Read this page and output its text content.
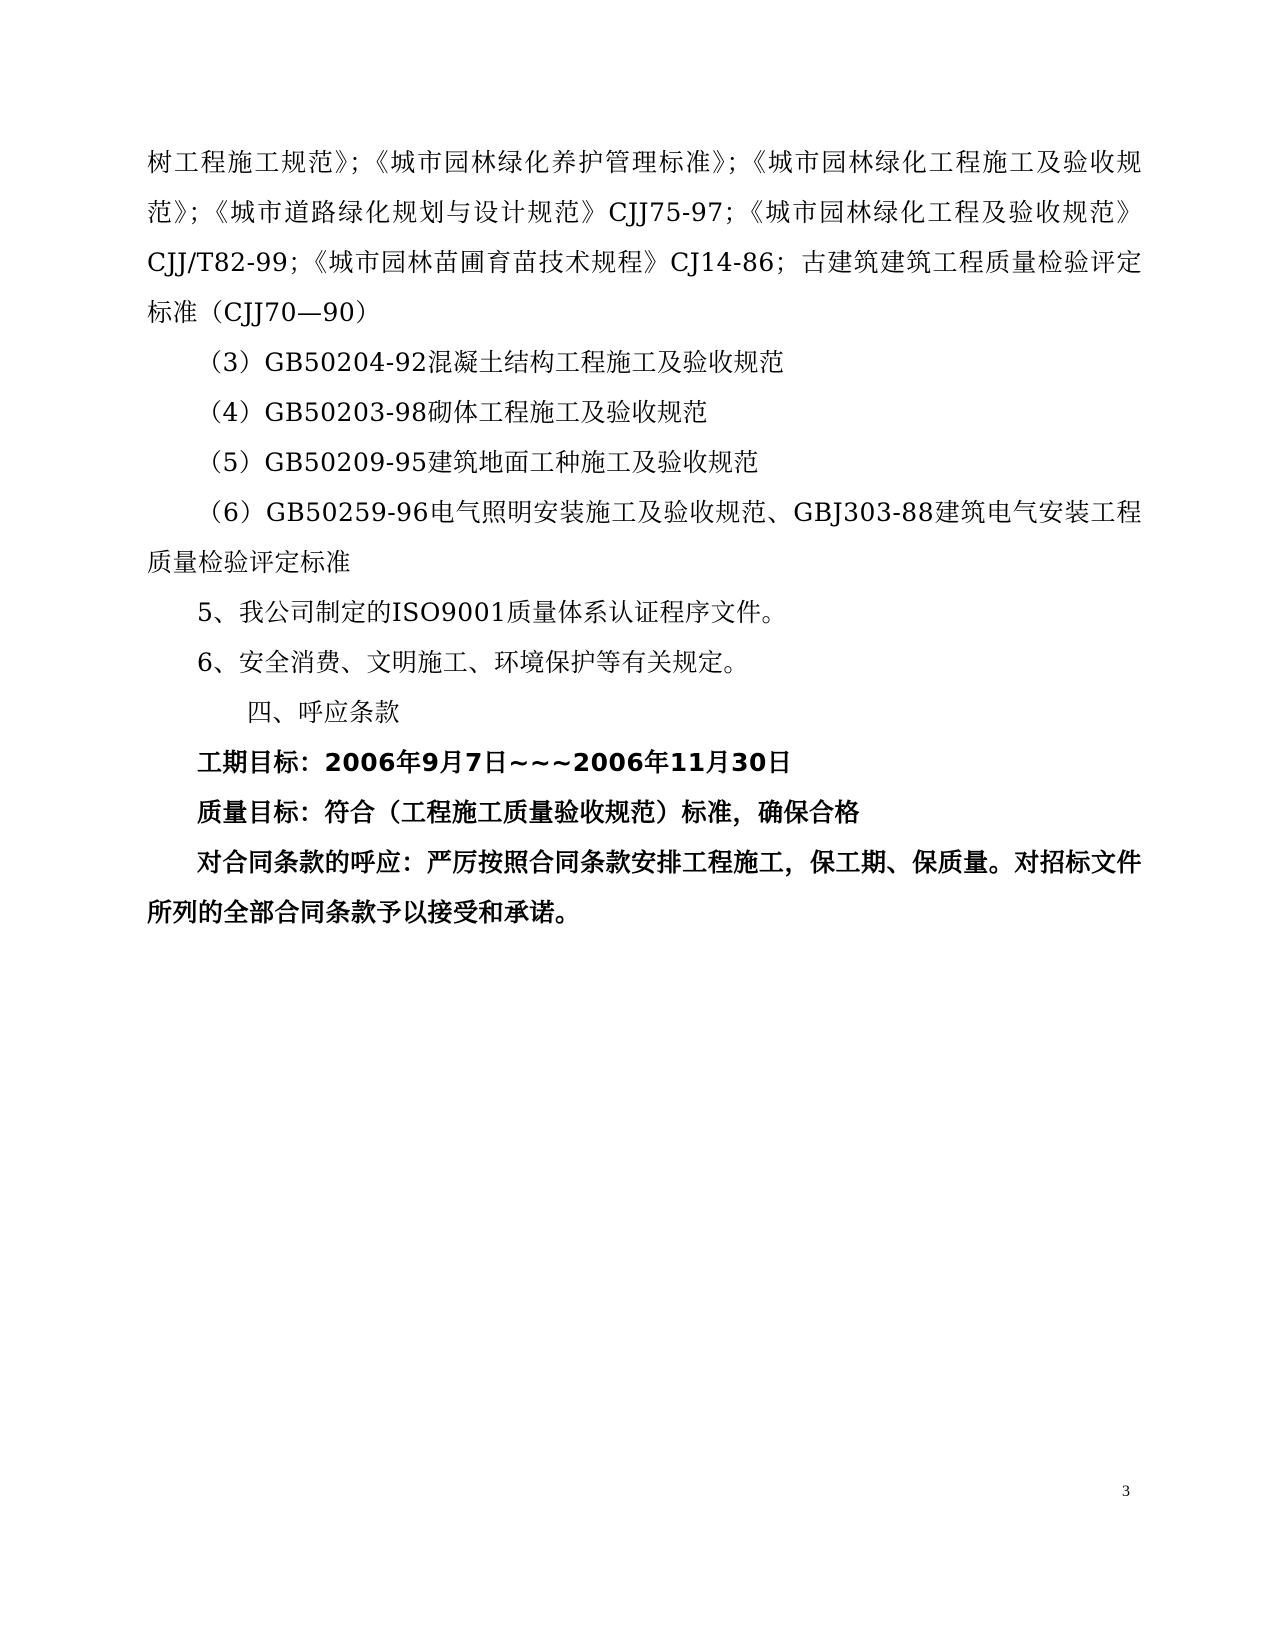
树工程施工规范》；《城市园林绿化养护管理标准》；《城市园林绿化工程施工及验收规范》；《城市道路绿化规划与设计规范》CJJ75-97；《城市园林绿化工程及验收规范》CJJ/T82-99；《城市园林苗圃育苗技术规程》CJ14-86；古建筑建筑工程质量检验评定标准（CJJ70—90）

（3）GB50204-92混凝土结构工程施工及验收规范

（4）GB50203-98砌体工程施工及验收规范

（5）GB50209-95建筑地面工种施工及验收规范

（6）GB50259-96电气照明安装施工及验收规范、GBJ303-88建筑电气安装工程质量检验评定标准

5、我公司制定的ISO9001质量体系认证程序文件。

6、安全消费、文明施工、环境保护等有关规定。

四、呼应条款

工期目标：2006年9月7日~~~2006年11月30日

质量目标：符合（工程施工质量验收规范）标准，确保合格

对合同条款的呼应：严厉按照合同条款安排工程施工，保工期、保质量。对招标文件所列的全部合同条款予以接受和承诺。

3
